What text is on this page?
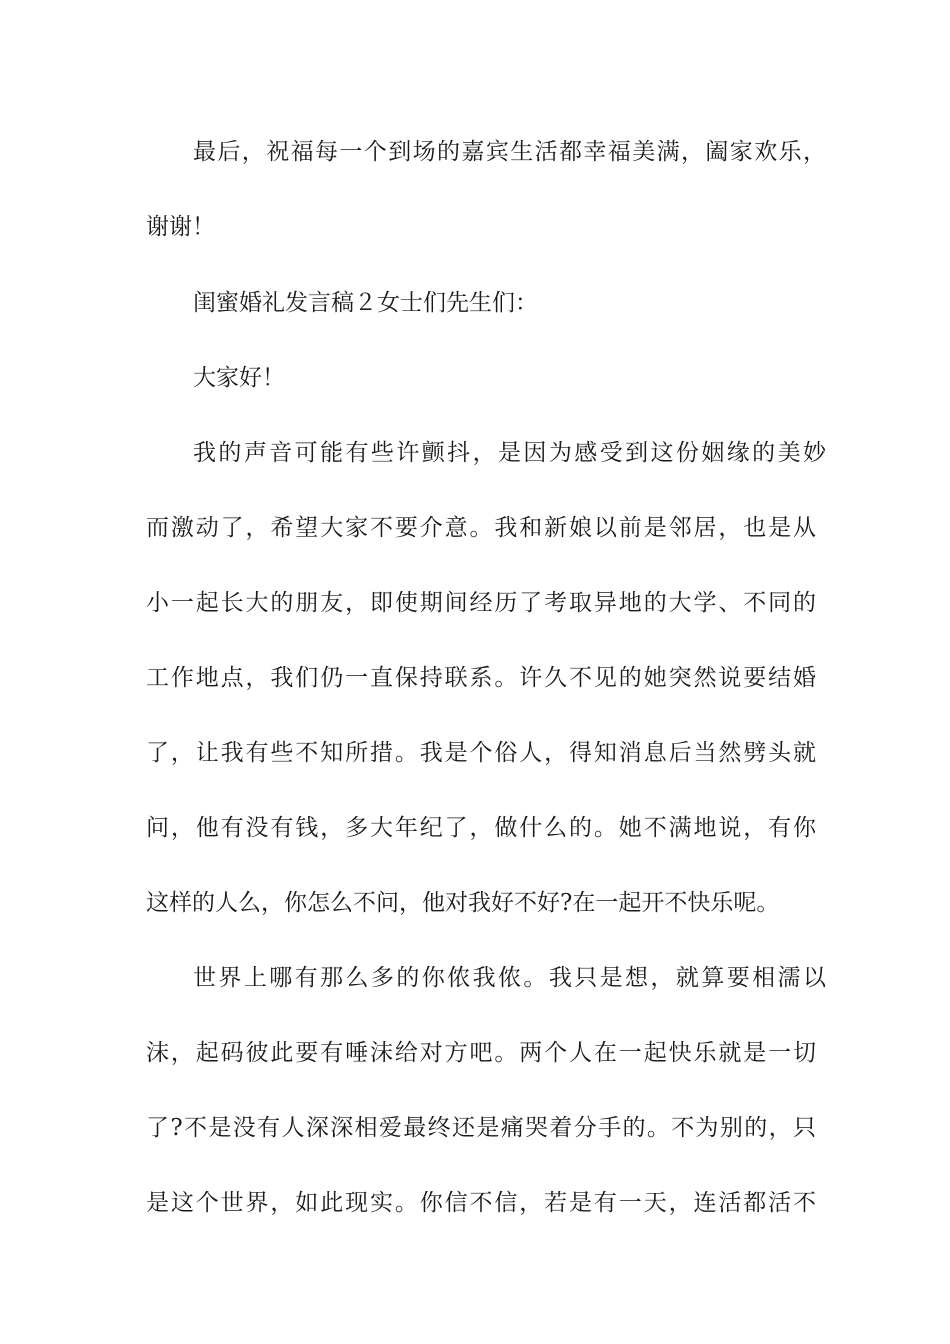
最后，祝福每一个到场的嘉宾生活都幸福美满，阖家欢乐，

谢谢！

闺蜜婚礼发言稿２女士们先生们：

大家好！

我的声音可能有些许颤抖，是因为感受到这份姻缘的美妙

而激动了，希望大家不要介意。我和新娘以前是邻居，也是从

小一起长大的朋友，即使期间经历了考取异地的大学、不同的

工作地点，我们仍一直保持联系。许久不见的她突然说要结婚

了，让我有些不知所措。我是个俗人，得知消息后当然劈头就

问，他有没有钱，多大年纪了，做什么的。她不满地说，有你

这样的人么，你怎么不问，他对我好不好?在一起开不快乐呢。

世界上哪有那么多的你侬我侬。我只是想，就算要相濡以

沫，起码彼此要有唾沫给对方吧。两个人在一起快乐就是一切

了?不是没有人深深相爱最终还是痛哭着分手的。不为别的，只

是这个世界，如此现实。你信不信，若是有一天，连活都活不
